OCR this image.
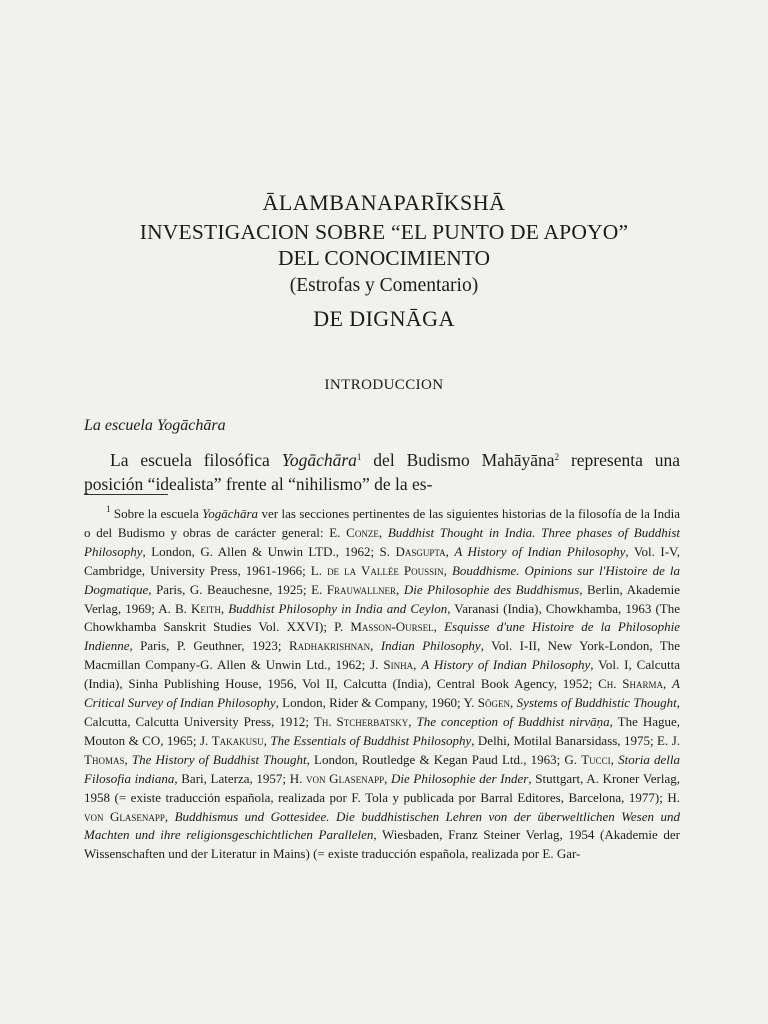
ĀLAMBANAPARĪKSHĀ
INVESTIGACION SOBRE “EL PUNTO DE APOYO”
DEL CONOCIMIENTO
(Estrofas y Comentario)
DE DIGNĀGA
INTRODUCCION
La escuela Yogāchāra
La escuela filosófica Yogāchāra$^1$ del Budismo Mahāyāna$^2$ representa una posición “idealista” frente al “nihilismo” de la es-
$^1$ Sobre la escuela Yogāchāra ver las secciones pertinentes de las siguientes historias de la filosofía de la India o del Budismo y obras de carácter general: E. Conze, Buddhist Thought in India. Three phases of Buddhist Philosophy, London, G. Allen & Unwin LTD., 1962; S. Dasgupta, A History of Indian Philosophy, Vol. I-V, Cambridge, University Press, 1961-1966; L. de la Vallée Poussin, Bouddhisme. Opinions sur l'Histoire de la Dogmatique, Paris, G. Beauchesne, 1925; E. Frauwallner, Die Philosophie des Buddhismus, Berlin, Akademie Verlag, 1969; A. B. Keith, Buddhist Philosophy in India and Ceylon, Varanasi (India), Chowkhamba, 1963 (The Chowkhamba Sanskrit Studies Vol. XXVI); P. Masson-Oursel, Esquisse d'une Histoire de la Philosophie Indienne, Paris, P. Geuthner, 1923; Radhakrishnan, Indian Philosophy, Vol. I-II, New York-London, The Macmillan Company-G. Allen & Unwin Ltd., 1962; J. Sinha, A History of Indian Philosophy, Vol. I, Calcutta (India), Sinha Publishing House, 1956, Vol II, Calcutta (India), Central Book Agency, 1952; Ch. Sharma, A Critical Survey of Indian Philosophy, London, Rider & Company, 1960; Y. Sōgen, Systems of Buddhistic Thought, Calcutta, Calcutta University Press, 1912; Th. Stcherbatsky, The conception of Buddhist nirvāṇa, The Hague, Mouton & CO, 1965; J. Takakusu, The Essentials of Buddhist Philosophy, Delhi, Motilal Banarsidass, 1975; E. J. Thomas, The History of Buddhist Thought, London, Routledge & Kegan Paud Ltd., 1963; G. Tucci, Storia della Filosofia indiana, Bari, Laterza, 1957; H. von Glasenapp, Die Philosophie der Inder, Stuttgart, A. Kroner Verlag, 1958 (= existe traducción española, realizada por F. Tola y publicada por Barral Editores, Barcelona, 1977); H. von Glasenapp, Buddhismus und Gottesidee. Die buddhistischen Lehren von der überweltlichen Wesen und Machten und ihre religionsgeschichtlichen Parallelen, Wiesbaden, Franz Steiner Verlag, 1954 (Akademie der Wissenschaften und der Literatur in Mains) (= existe traducción española, realizada por E. Gar-
